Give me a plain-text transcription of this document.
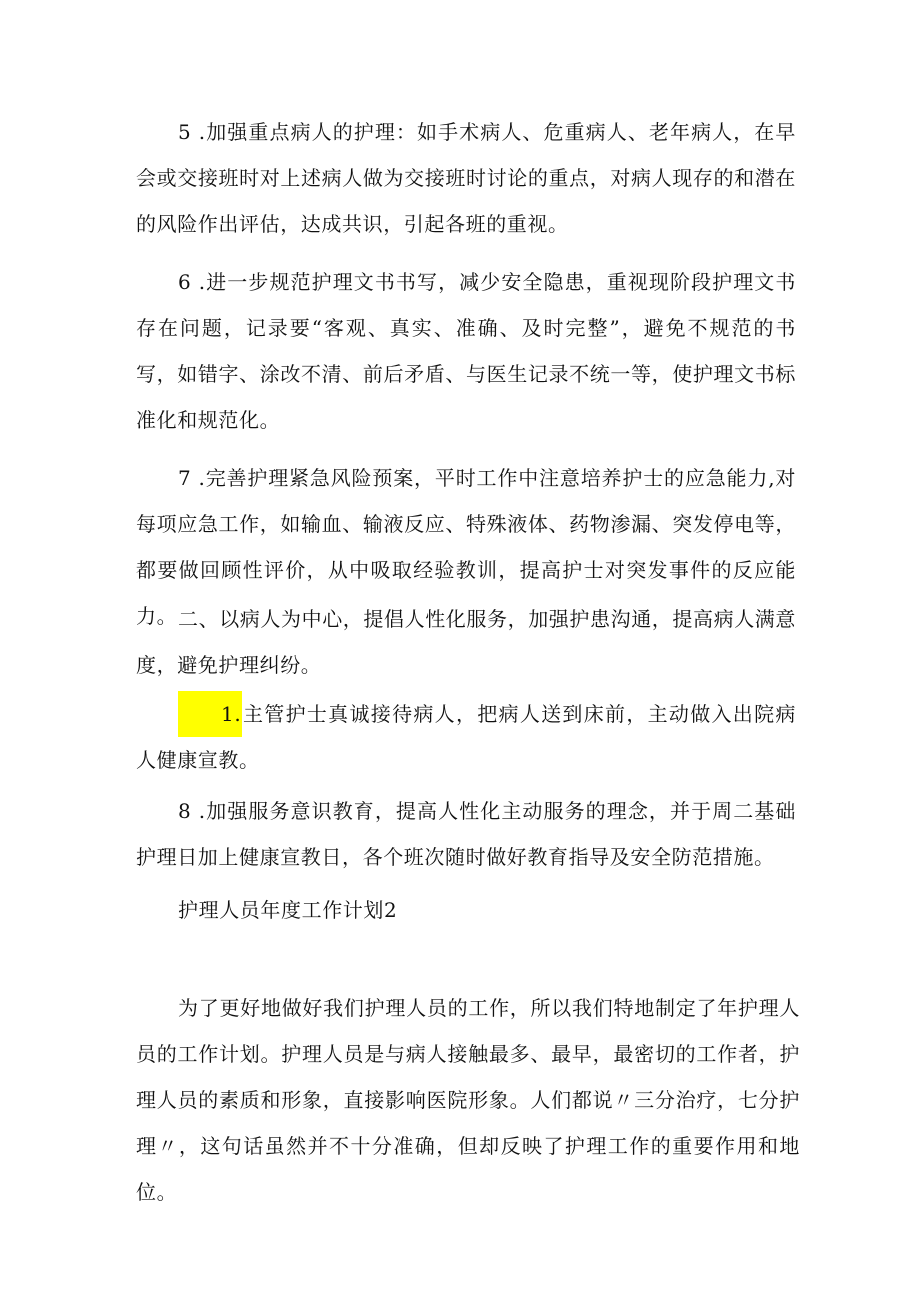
5 .加强重点病人的护理：如手术病人、危重病人、老年病人，在早会或交接班时对上述病人做为交接班时讨论的重点，对病人现存的和潜在的风险作出评估，达成共识，引起各班的重视。

6 .进一步规范护理文书书写，减少安全隐患，重视现阶段护理文书存在问题，记录要“客观、真实、准确、及时完整”，避免不规范的书写，如错字、涂改不清、前后矛盾、与医生记录不统一等，使护理文书标准化和规范化。

7 .完善护理紧急风险预案，平时工作中注意培养护士的应急能力,对每项应急工作，如输血、输液反应、特殊液体、药物渗漏、突发停电等，都要做回顾性评价，从中吸取经验教训，提高护士对突发事件的反应能力。 二、以病人为中心，提倡人性化服务，加强护患沟通，提高病人满意度，避免护理纠纷。

1.主管护士真诚接待病人，把病人送到床前，主动做入出院病人健康宣教。

8 .加强服务意识教育，提高人性化主动服务的理念，并于周二基础护理日加上健康宣教日，各个班次随时做好教育指导及安全防范措施。

护理人员年度工作计划2

为了更好地做好我们护理人员的工作，所以我们特地制定了年护理人员的工作计划。护理人员是与病人接触最多、最早，最密切的工作者，护理人员的素质和形象，直接影响医院形象。人们都说〃三分治疗，七分护理〃，这句话虽然并不十分准确，但却反映了护理工作的重要作用和地位。
